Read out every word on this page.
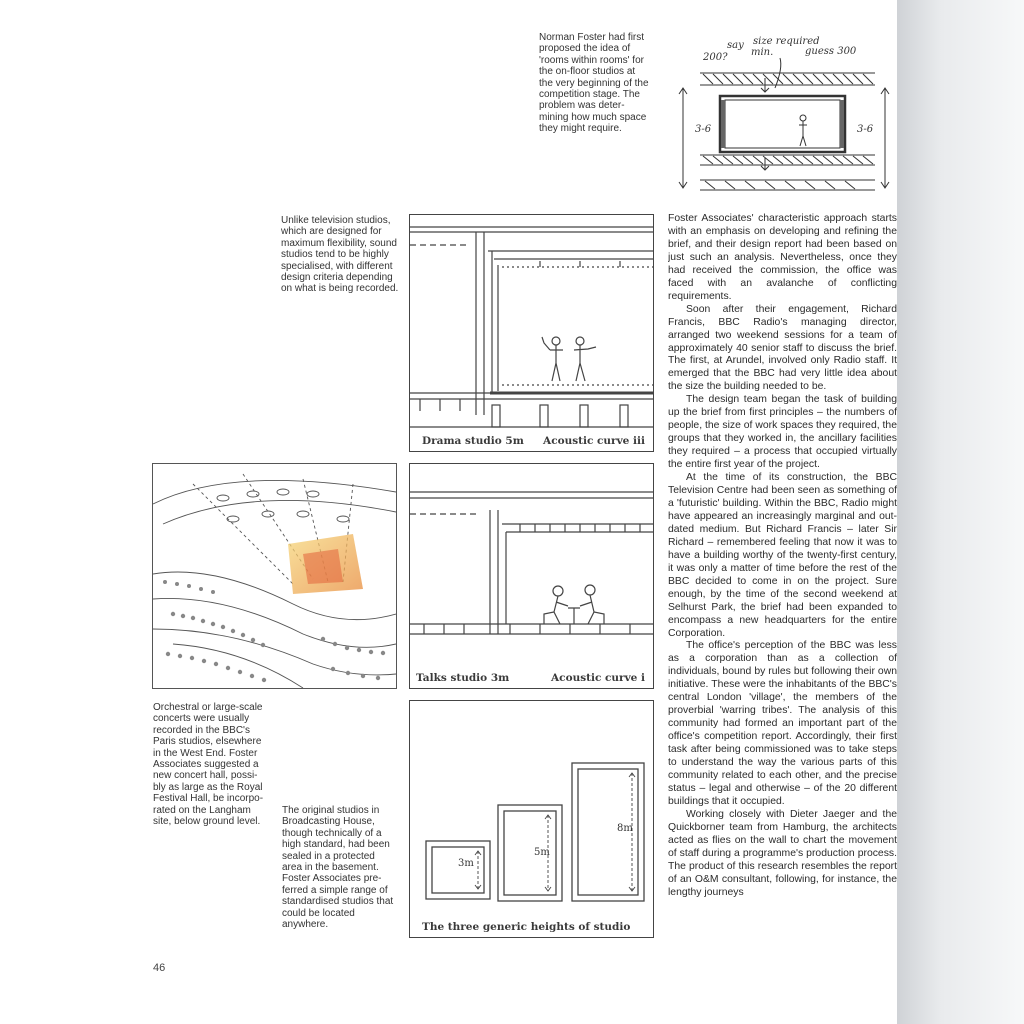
Norman Foster had first proposed the idea of 'rooms within rooms' for the on-floor studios at the very beginning of the competition stage. The problem was deter-mining how much space they might require.

200?
say size required
min.	guess 300
3-6	3-6

Unlike television studios, which are designed for maximum flexibility, sound studios tend to be highly specialised, with different design criteria depending on what is being recorded.

Orchestral or large-scale concerts were usually recorded in the BBC's Paris studios, elsewhere in the West End. Foster Associates suggested a new concert hall, possi-bly as large as the Royal Festival Hall, be incorpo-rated on the Langham site, below ground level.

The original studios in Broadcasting House, though technically of a high standard, had been sealed in a protected area in the basement. Foster Associates pre-ferred a simple range of standardised studios that could be located anywhere.

Drama studio 5m Acoustic curve iii
Talks studio 3m	Acoustic curve i
3m
5m
8m
The three generic heights of studio

Foster Associates' characteristic approach starts with an emphasis on developing and refining the brief, and their design report had been based on just such an analysis. Nevertheless, once they had received the commission, the office was faced with an avalanche of conflicting requirements.

Soon after their engagement, Richard Francis, BBC Radio's managing director, arranged two weekend sessions for a team of approximately 40 senior staff to discuss the brief. The first, at Arundel, involved only Radio staff. It emerged that the BBC had very little idea about the size the building needed to be.

The design team began the task of building up the brief from first principles – the numbers of people, the size of work spaces they required, the groups that they worked in, the ancillary facilities they required – a process that occupied virtually the entire first year of the project.

At the time of its construction, the BBC Television Centre had been seen as something of a 'futuristic' building. Within the BBC, Radio might have appeared an increasingly marginal and out-dated medium. But Richard Francis – later Sir Richard – remembered feeling that now it was to have a building worthy of the twenty-first century, it was only a matter of time before the rest of the BBC decided to come in on the project. Sure enough, by the time of the second weekend at Selhurst Park, the brief had been expanded to encompass a new headquarters for the entire Corporation.

The office's perception of the BBC was less as a corporation than as a collection of individuals, bound by rules but following their own initiative. These were the inhabitants of the BBC's central London 'village', the members of the proverbial 'warring tribes'. The analysis of this community had formed an important part of the office's competition report. Accordingly, their first task after being commissioned was to take steps to understand the way the various parts of this community related to each other, and the precise status – legal and otherwise – of the 20 different buildings that it occupied.

Working closely with Dieter Jaeger and the Quickborner team from Hamburg, the architects acted as flies on the wall to chart the movement of staff during a programme's production process. The product of this research resembles the report of an O&M consultant, following, for instance, the lengthy journeys

46
